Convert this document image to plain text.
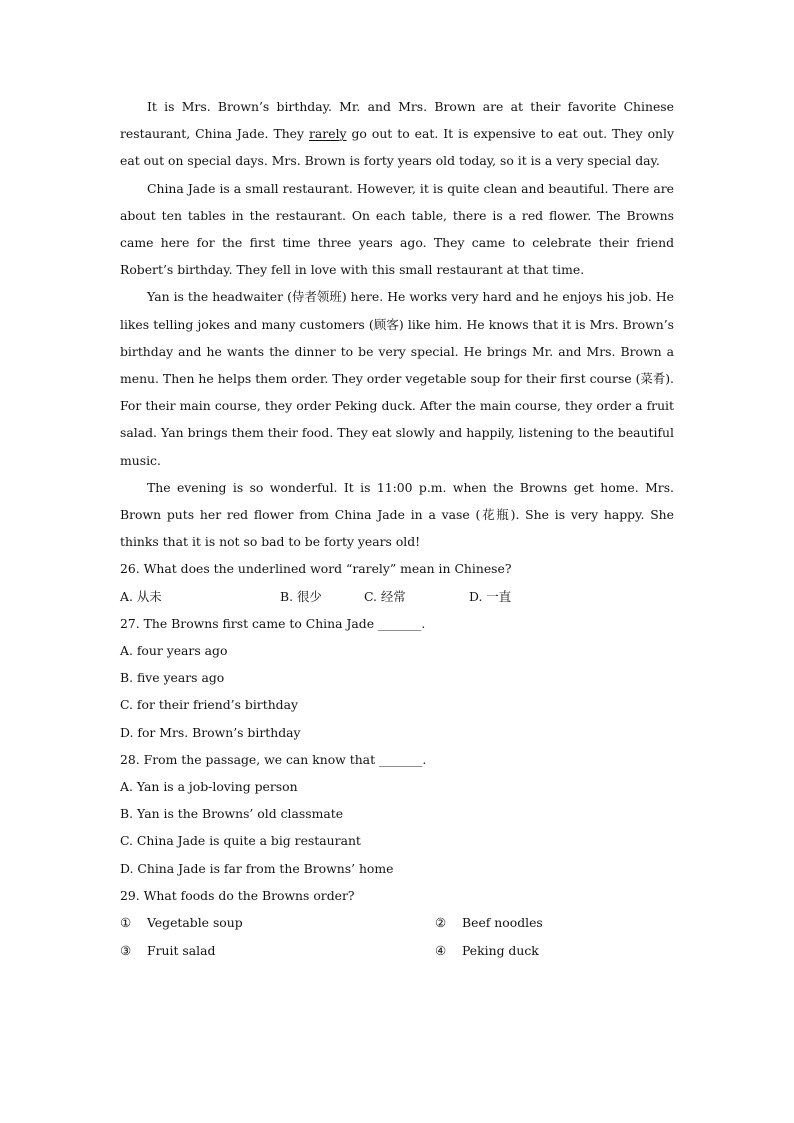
It is Mrs. Brown’s birthday. Mr. and Mrs. Brown are at their favorite Chinese restaurant, China Jade. They rarely go out to eat. It is expensive to eat out. They only eat out on special days. Mrs. Brown is forty years old today, so it is a very special day.

China Jade is a small restaurant. However, it is quite clean and beautiful. There are about ten tables in the restaurant. On each table, there is a red flower. The Browns came here for the first time three years ago. They came to celebrate their friend Robert’s birthday. They fell in love with this small restaurant at that time.

Yan is the headwaiter (侍者领班) here. He works very hard and he enjoys his job. He likes telling jokes and many customers (顾客) like him. He knows that it is Mrs. Brown’s birthday and he wants the dinner to be very special. He brings Mr. and Mrs. Brown a menu. Then he helps them order. They order vegetable soup for their first course (菜肴). For their main course, they order Peking duck. After the main course, they order a fruit salad. Yan brings them their food. They eat slowly and happily, listening to the beautiful music.

The evening is so wonderful. It is 11:00 p.m. when the Browns get home. Mrs. Brown puts her red flower from China Jade in a vase (花瓶). She is very happy. She thinks that it is not so bad to be forty years old!

26. What does the underlined word “rarely” mean in Chinese?

A. 从未	B. 很少	C. 经常	D. 一直

27. The Browns first came to China Jade _______.

A. four years ago

B. five years ago

C. for their friend’s birthday

D. for Mrs. Brown’s birthday

28. From the passage, we can know that _______.

A. Yan is a job-loving person

B. Yan is the Browns’ old classmate

C. China Jade is quite a big restaurant

D. China Jade is far from the Browns’ home

29. What foods do the Browns order?

① Vegetable soup	② Beef noodles
③ Fruit salad	④ Peking duck
